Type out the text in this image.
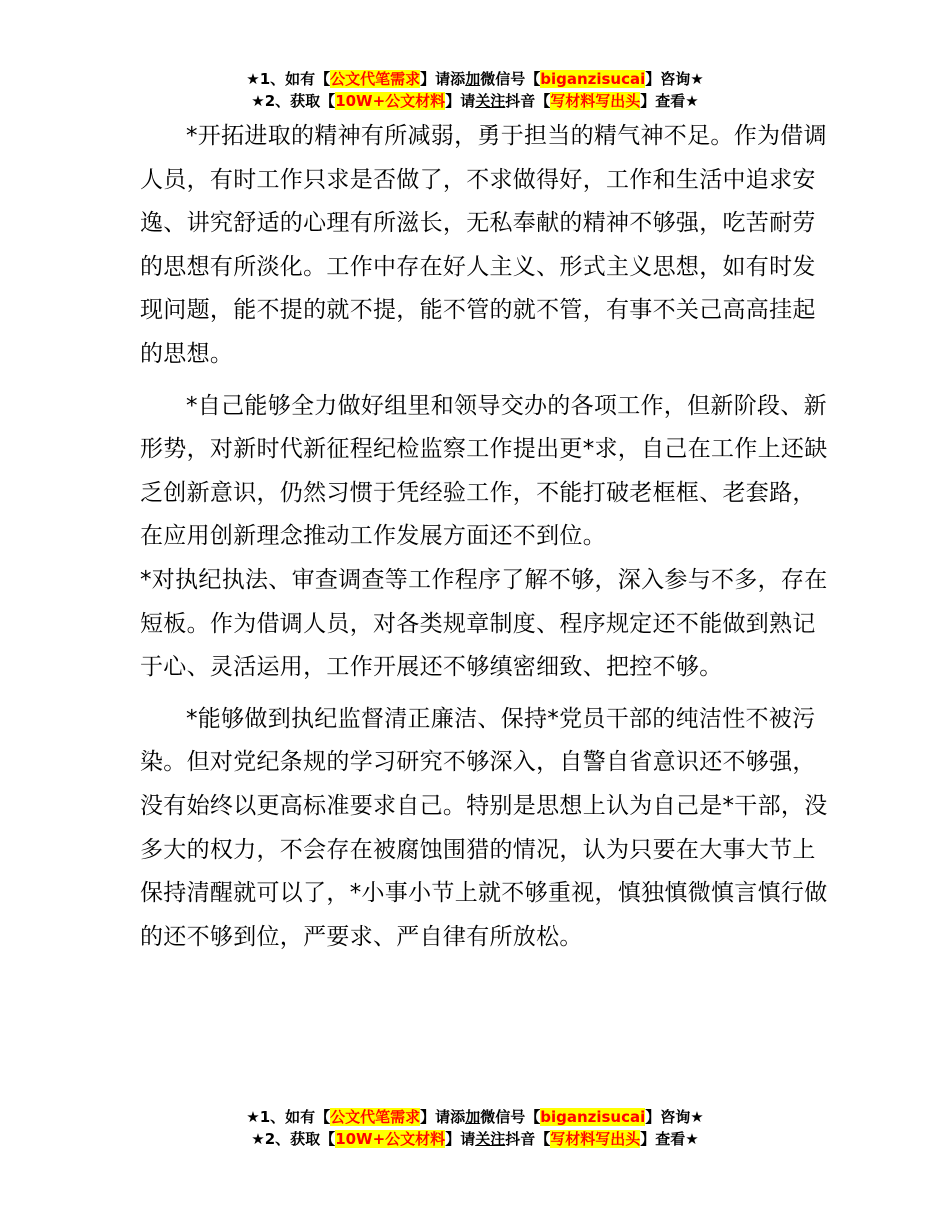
★1、如有【公文代笔需求】请添加微信号【biganzisucai】咨询★
★2、获取【10W+公文材料】请关注抖音【写材料写出头】查看★

*开拓进取的精神有所减弱，勇于担当的精气神不足。作为借调人员，有时工作只求是否做了，不求做得好，工作和生活中追求安逸、讲究舒适的心理有所滋长，无私奉献的精神不够强，吃苦耐劳的思想有所淡化。工作中存在好人主义、形式主义思想，如有时发现问题，能不提的就不提，能不管的就不管，有事不关己高高挂起的思想。

*自己能够全力做好组里和领导交办的各项工作，但新阶段、新形势，对新时代新征程纪检监察工作提出更*求，自己在工作上还缺乏创新意识，仍然习惯于凭经验工作，不能打破老框框、老套路，在应用创新理念推动工作发展方面还不到位。

*对执纪执法、审查调查等工作程序了解不够，深入参与不多，存在短板。作为借调人员，对各类规章制度、程序规定还不能做到熟记于心、灵活运用，工作开展还不够缜密细致、把控不够。

*能够做到执纪监督清正廉洁、保持*党员干部的纯洁性不被污染。但对党纪条规的学习研究不够深入，自警自省意识还不够强，没有始终以更高标准要求自己。特别是思想上认为自己是*干部，没多大的权力，不会存在被腐蚀围猎的情况，认为只要在大事大节上保持清醒就可以了，*小事小节上就不够重视，慎独慎微慎言慎行做的还不够到位，严要求、严自律有所放松。

★1、如有【公文代笔需求】请添加微信号【biganzisucai】咨询★
★2、获取【10W+公文材料】请关注抖音【写材料写出头】查看★
